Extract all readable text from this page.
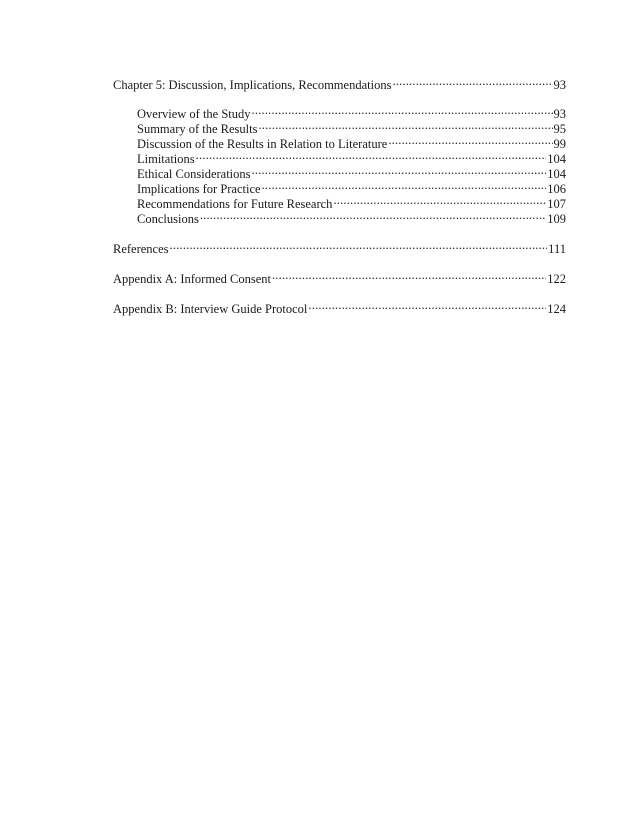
Chapter 5: Discussion, Implications, Recommendations .....	93
Overview of the Study .....	93
Summary of the Results .....	95
Discussion of the Results in Relation to Literature .....	99
Limitations .....	104
Ethical Considerations .....	104
Implications for Practice .....	106
Recommendations for Future Research .....	107
Conclusions .....	109
References .....	111
Appendix A: Informed Consent .....	122
Appendix B: Interview Guide Protocol .....	124
